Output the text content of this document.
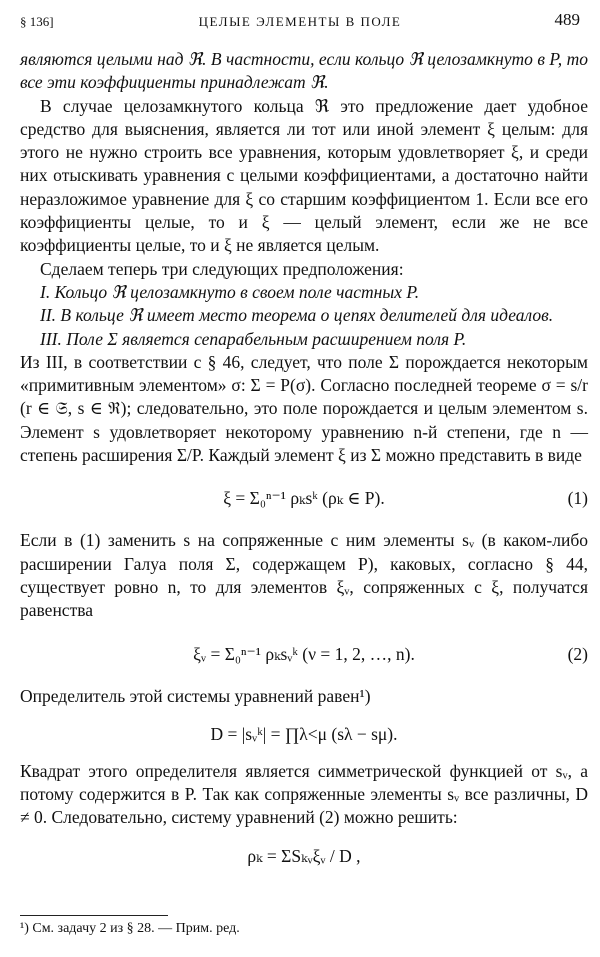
§ 136]	ЦЕЛЫЕ ЭЛЕМЕНТЫ В ПОЛЕ	489

являются целыми над ℜ. В частности, если кольцо ℜ целозамкнуто в P, то все эти коэффициенты принадлежат ℜ.

В случае целозамкнутого кольца ℜ это предложение дает удобное средство для выяснения, является ли тот или иной элемент ξ целым: для этого не нужно строить все уравнения, которым удовлетворяет ξ, и среди них отыскивать уравнения с целыми коэффициентами, а достаточно найти неразложимое уравнение для ξ со старшим коэффициентом 1. Если все его коэффициенты целые, то и ξ — целый элемент, если же не все коэффициенты целые, то и ξ не является целым.

Сделаем теперь три следующих предположения:

I. Кольцо ℜ целозамкнуто в своем поле частных P.

II. В кольце ℜ имеет место теорема о цепях делителей для идеалов.

III. Поле Σ является сепарабельным расширением поля P.

Из III, в соответствии с § 46, следует, что поле Σ порождается некоторым «примитивным элементом» σ: Σ = P(σ). Согласно последней теореме σ = s/r (r ∈ 𝔖, s ∈ ℜ); следовательно, это поле порождается и целым элементом s. Элемент s удовлетворяет некоторому уравнению n-й степени, где n — степень расширения Σ/P. Каждый элемент ξ из Σ можно представить в виде

ξ = Σ₀ⁿ⁻¹ ρₖsᵏ (ρₖ ∈ P).	(1)

Если в (1) заменить s на сопряженные с ним элементы sᵥ (в каком-либо расширении Галуа поля Σ, содержащем P), каковых, согласно § 44, существует ровно n, то для элементов ξᵥ, сопряженных с ξ, получатся равенства

ξᵥ = Σ₀ⁿ⁻¹ ρₖsᵥᵏ (ν = 1, 2, …, n).	(2)

Определитель этой системы уравнений равен¹)

D = |sᵥᵏ| = ∏λ<μ (sλ − sμ).

Квадрат этого определителя является симметрической функцией от sᵥ, а потому содержится в P. Так как сопряженные элементы sᵥ все различны, D ≠ 0. Следовательно, систему уравнений (2) можно решить:

ρₖ = ΣSₖᵥξᵥ / D ,
¹) См. задачу 2 из § 28. — Прим. ред.
